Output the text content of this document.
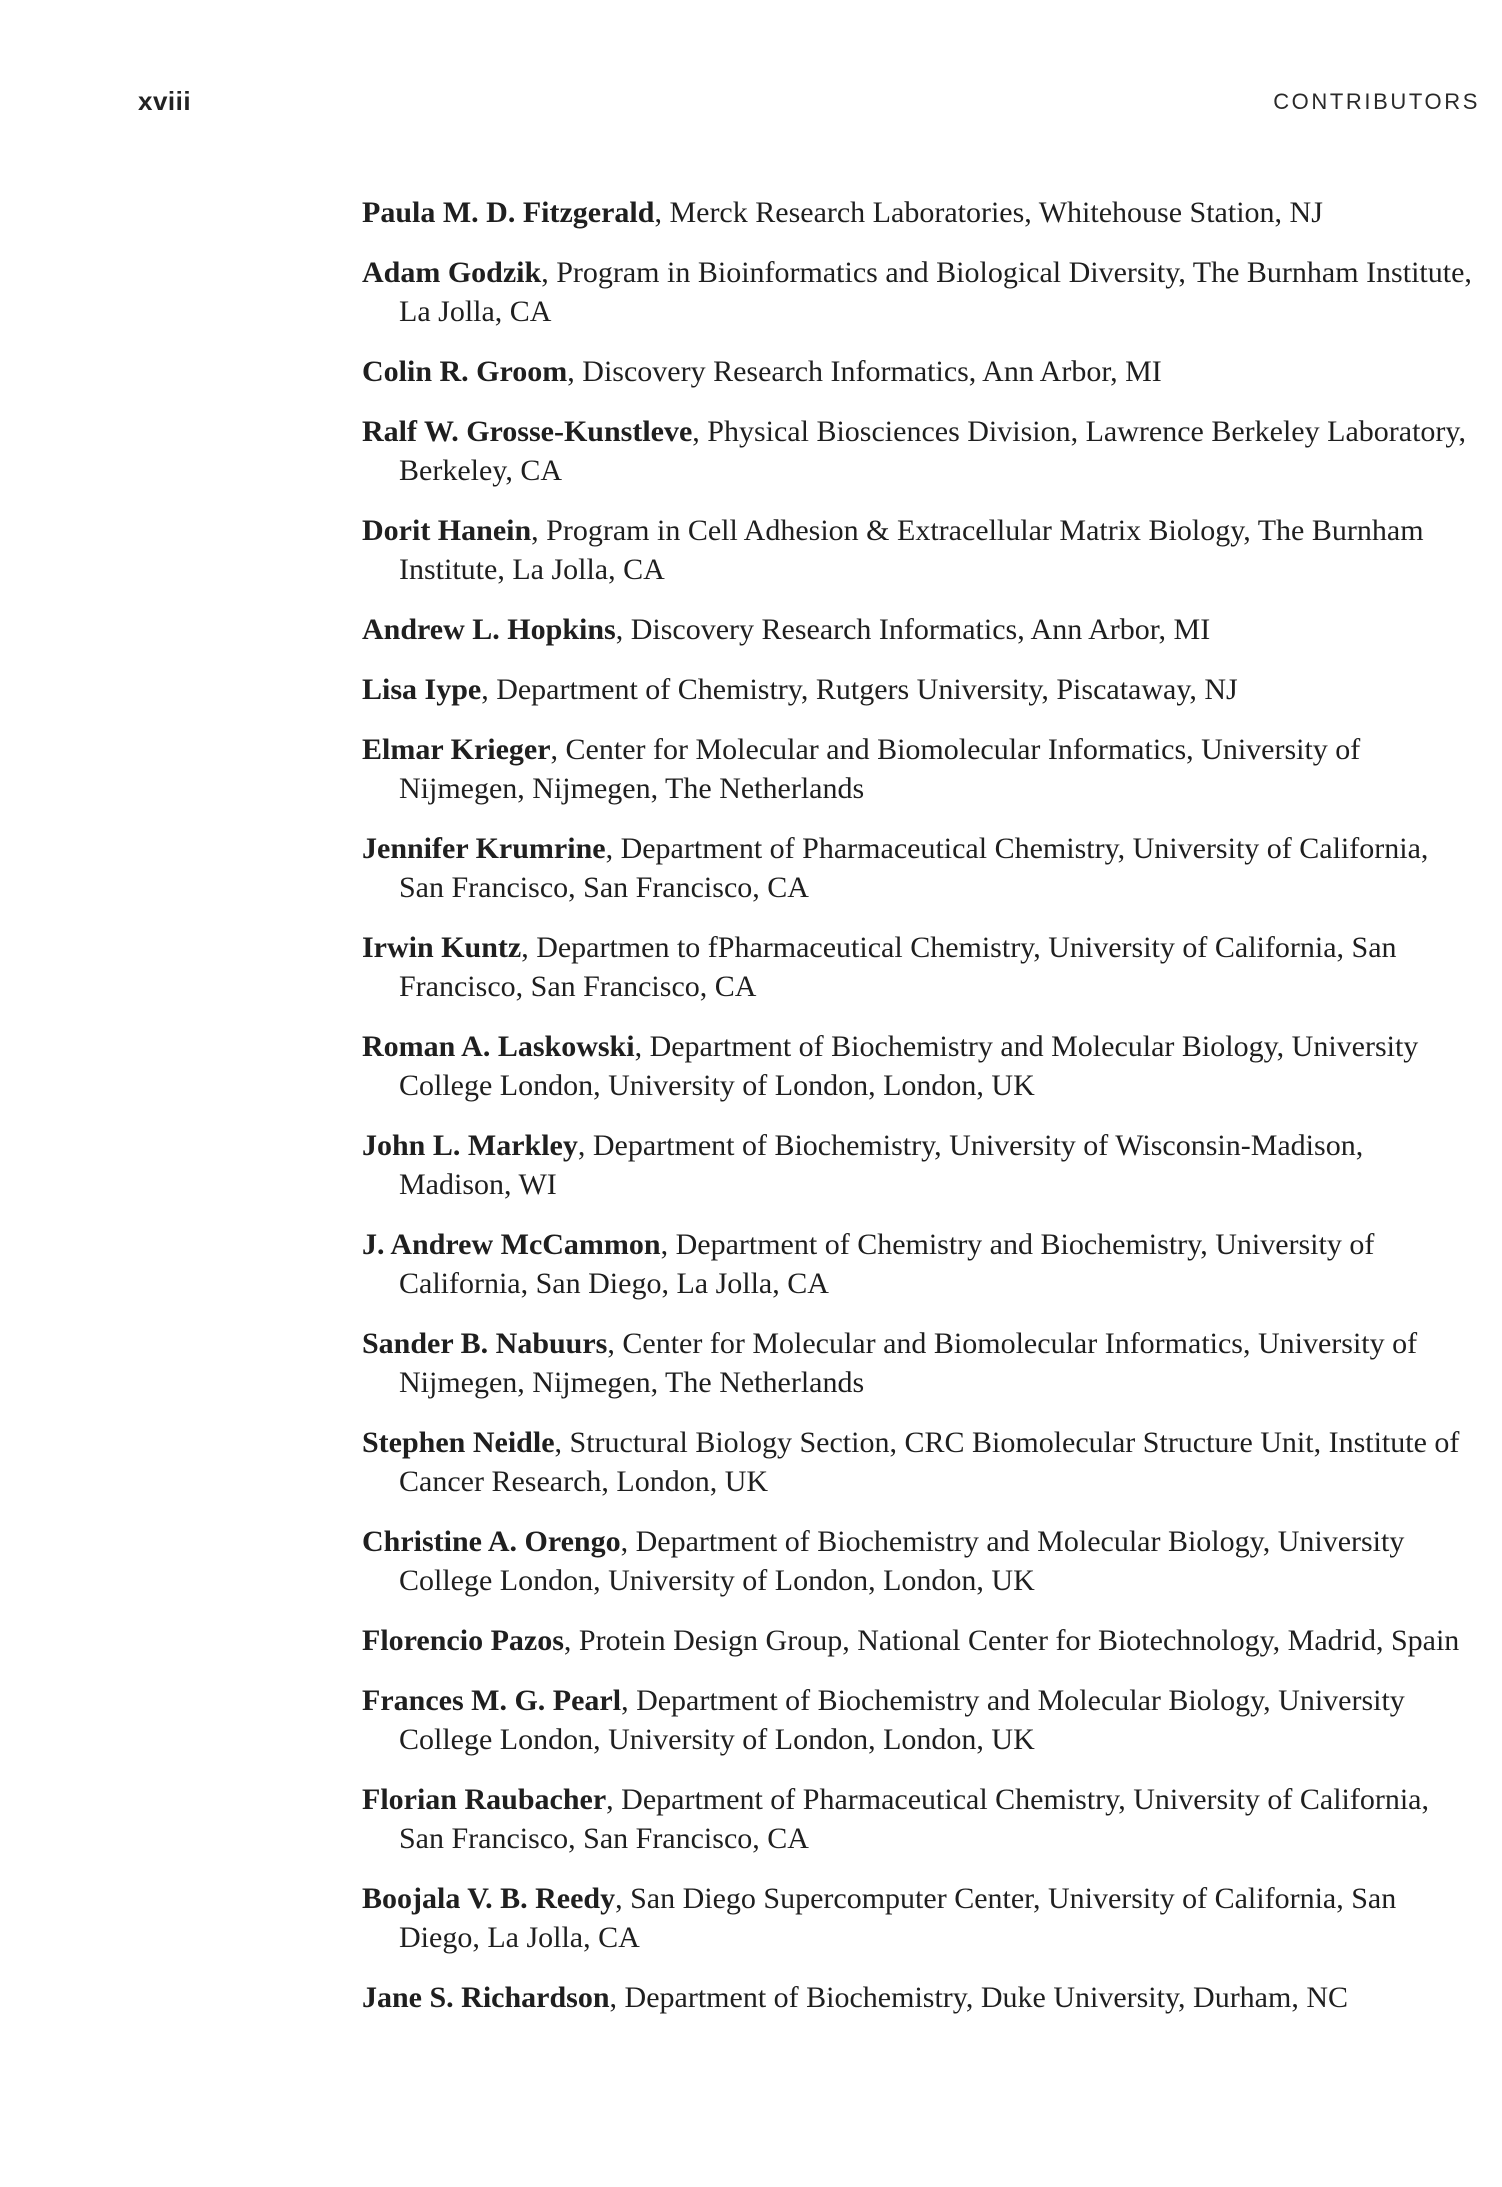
xviii	CONTRIBUTORS
Paula M. D. Fitzgerald, Merck Research Laboratories, Whitehouse Station, NJ
Adam Godzik, Program in Bioinformatics and Biological Diversity, The Burnham Institute, La Jolla, CA
Colin R. Groom, Discovery Research Informatics, Ann Arbor, MI
Ralf W. Grosse-Kunstleve, Physical Biosciences Division, Lawrence Berkeley Laboratory, Berkeley, CA
Dorit Hanein, Program in Cell Adhesion & Extracellular Matrix Biology, The Burnham Institute, La Jolla, CA
Andrew L. Hopkins, Discovery Research Informatics, Ann Arbor, MI
Lisa Iype, Department of Chemistry, Rutgers University, Piscataway, NJ
Elmar Krieger, Center for Molecular and Biomolecular Informatics, University of Nijmegen, Nijmegen, The Netherlands
Jennifer Krumrine, Department of Pharmaceutical Chemistry, University of California, San Francisco, San Francisco, CA
Irwin Kuntz, Departmen to fPharmaceutical Chemistry, University of California, San Francisco, San Francisco, CA
Roman A. Laskowski, Department of Biochemistry and Molecular Biology, University College London, University of London, London, UK
John L. Markley, Department of Biochemistry, University of Wisconsin-Madison, Madison, WI
J. Andrew McCammon, Department of Chemistry and Biochemistry, University of California, San Diego, La Jolla, CA
Sander B. Nabuurs, Center for Molecular and Biomolecular Informatics, University of Nijmegen, Nijmegen, The Netherlands
Stephen Neidle, Structural Biology Section, CRC Biomolecular Structure Unit, Institute of Cancer Research, London, UK
Christine A. Orengo, Department of Biochemistry and Molecular Biology, University College London, University of London, London, UK
Florencio Pazos, Protein Design Group, National Center for Biotechnology, Madrid, Spain
Frances M. G. Pearl, Department of Biochemistry and Molecular Biology, University College London, University of London, London, UK
Florian Raubacher, Department of Pharmaceutical Chemistry, University of California, San Francisco, San Francisco, CA
Boojala V. B. Reedy, San Diego Supercomputer Center, University of California, San Diego, La Jolla, CA
Jane S. Richardson, Department of Biochemistry, Duke University, Durham, NC
